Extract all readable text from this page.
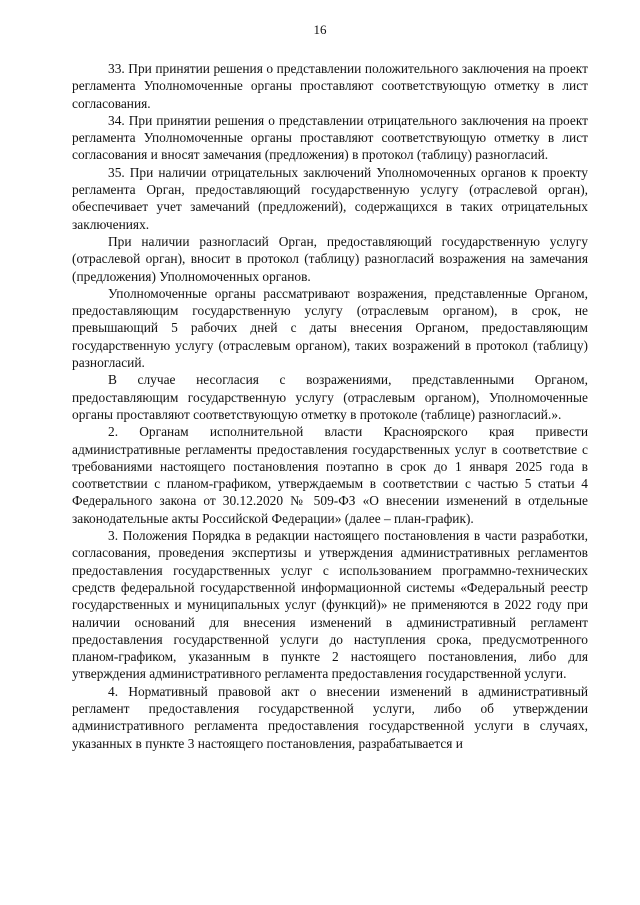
16

33. При принятии решения о представлении положительного заключения на проект регламента Уполномоченные органы проставляют соответствующую отметку в лист согласования.

34. При принятии решения о представлении отрицательного заключения на проект регламента Уполномоченные органы проставляют соответствующую отметку в лист согласования и вносят замечания (предложения) в протокол (таблицу) разногласий.

35. При наличии отрицательных заключений Уполномоченных органов к проекту регламента Орган, предоставляющий государственную услугу (отраслевой орган), обеспечивает учет замечаний (предложений), содержащихся в таких отрицательных заключениях.

При наличии разногласий Орган, предоставляющий государственную услугу (отраслевой орган), вносит в протокол (таблицу) разногласий возражения на замечания (предложения) Уполномоченных органов.

Уполномоченные органы рассматривают возражения, представленные Органом, предоставляющим государственную услугу (отраслевым органом), в срок, не превышающий 5 рабочих дней с даты внесения Органом, предоставляющим государственную услугу (отраслевым органом), таких возражений в протокол (таблицу) разногласий.

В случае несогласия с возражениями, представленными Органом, предоставляющим государственную услугу (отраслевым органом), Уполномоченные органы проставляют соответствующую отметку в протоколе (таблице) разногласий.».

2. Органам исполнительной власти Красноярского края привести административные регламенты предоставления государственных услуг в соответствие с требованиями настоящего постановления поэтапно в срок до 1 января 2025 года в соответствии с планом-графиком, утверждаемым в соответствии с частью 5 статьи 4 Федерального закона от 30.12.2020 № 509-ФЗ «О внесении изменений в отдельные законодательные акты Российской Федерации» (далее – план-график).

3. Положения Порядка в редакции настоящего постановления в части разработки, согласования, проведения экспертизы и утверждения административных регламентов предоставления государственных услуг с использованием программно-технических средств федеральной государственной информационной системы «Федеральный реестр государственных и муниципальных услуг (функций)» не применяются в 2022 году при наличии оснований для внесения изменений в административный регламент предоставления государственной услуги до наступления срока, предусмотренного планом-графиком, указанным в пункте 2 настоящего постановления, либо для утверждения административного регламента предоставления государственной услуги.

4. Нормативный правовой акт о внесении изменений в административный регламент предоставления государственной услуги, либо об утверждении административного регламента предоставления государственной услуги в случаях, указанных в пункте 3 настоящего постановления, разрабатывается и
